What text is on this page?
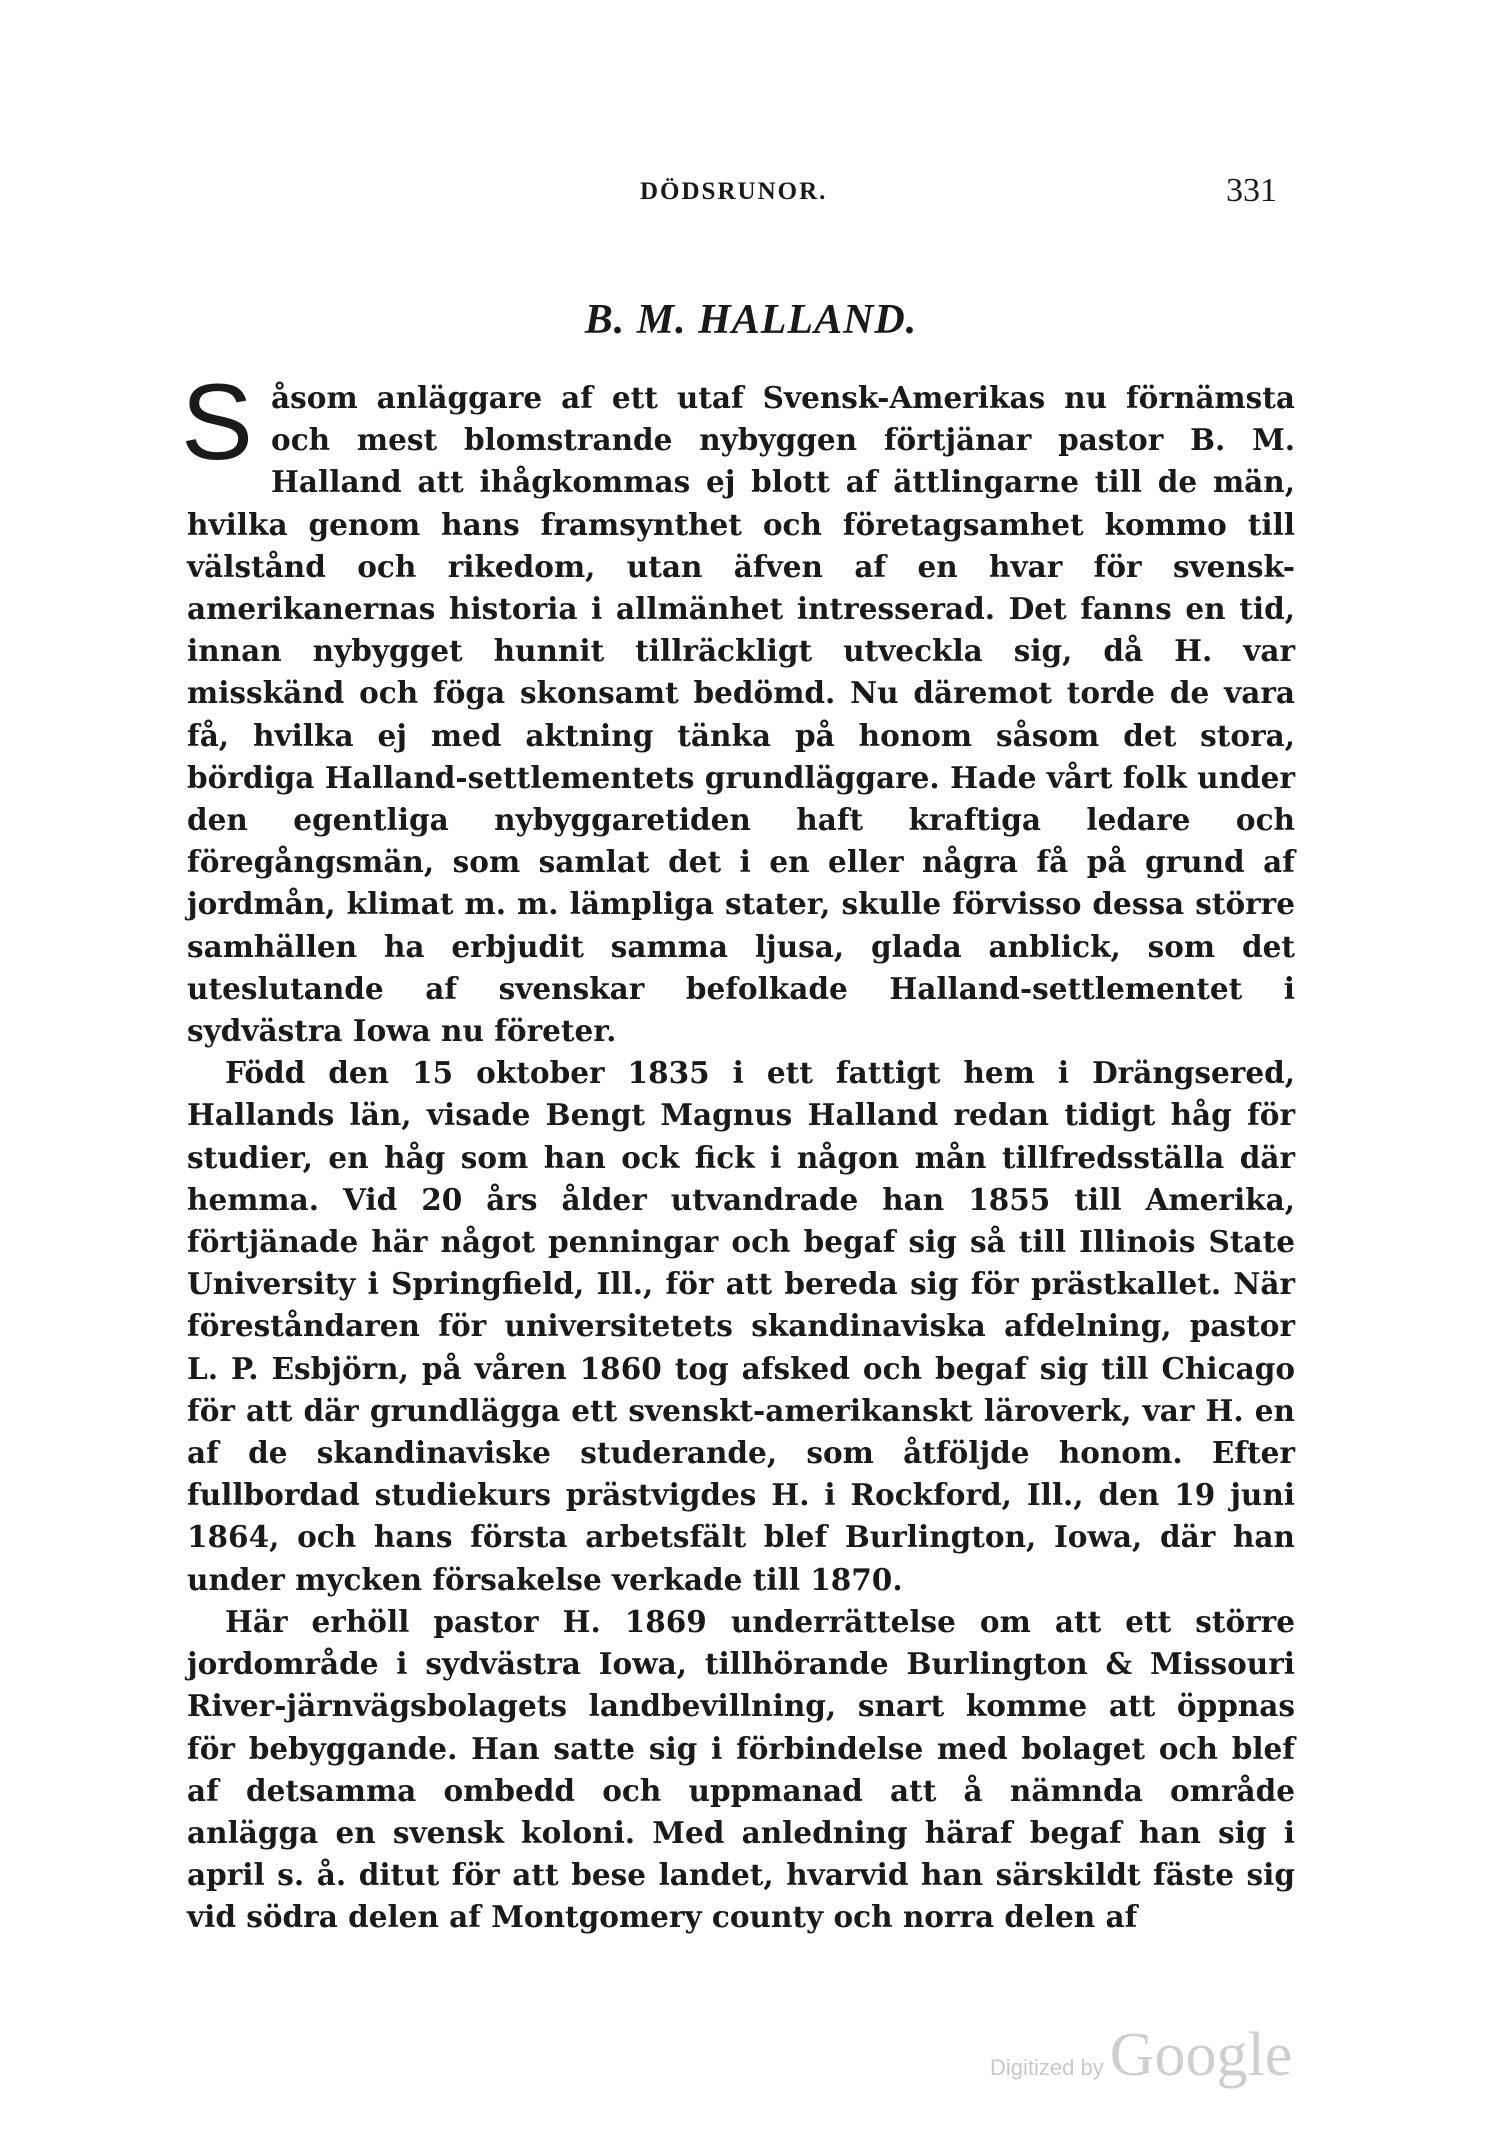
DÖDSRUNOR.	331
B. M. HALLAND.

S åsom anläggare af ett utaf Svensk-Amerikas nu förnämsta och mest blomstrande nybyggen förtjänar pastor B. M. Halland att ihågkommas ej blott af ättlingarne till de män, hvilka genom hans framsynthet och företagsamhet kommo till välstånd och rikedom, utan äfven af en hvar för svensk-amerikanernas historia i allmänhet intresserad. Det fanns en tid, innan nybygget hunnit tillräckligt utveckla sig, då H. var misskänd och föga skonsamt bedömd. Nu däremot torde de vara få, hvilka ej med aktning tänka på honom såsom det stora, bördiga Halland-settlementets grundläggare. Hade vårt folk under den egentliga nybyggaretiden haft kraftiga ledare och föregångsmän, som samlat det i en eller några få på grund af jordmån, klimat m. m. lämpliga stater, skulle förvisso dessa större samhällen ha erbjudit samma ljusa, glada anblick, som det uteslutande af svenskar befolkade Halland-settlementet i sydvästra Iowa nu företer.

Född den 15 oktober 1835 i ett fattigt hem i Drängsered, Hallands län, visade Bengt Magnus Halland redan tidigt håg för studier, en håg som han ock fick i någon mån tillfredsställa där hemma. Vid 20 års ålder utvandrade han 1855 till Amerika, förtjänade här något penningar och begaf sig så till Illinois State University i Springfield, Ill., för att bereda sig för prästkallet. När föreståndaren för universitetets skandinaviska afdelning, pastor L. P. Esbjörn, på våren 1860 tog afsked och begaf sig till Chicago för att där grundlägga ett svenskt-amerikanskt läroverk, var H. en af de skandinaviske studerande, som åtföljde honom. Efter fullbordad studiekurs prästvigdes H. i Rockford, Ill., den 19 juni 1864, och hans första arbetsfält blef Burlington, Iowa, där han under mycken försakelse verkade till 1870.

Här erhöll pastor H. 1869 underrättelse om att ett större jordområde i sydvästra Iowa, tillhörande Burlington & Missouri River-järnvägsbolagets landbevillning, snart komme att öppnas för bebyggande. Han satte sig i förbindelse med bolaget och blef af detsamma ombedd och uppmanad att å nämnda område anlägga en svensk koloni. Med anledning häraf begaf han sig i april s. å. ditut för att bese landet, hvarvid han särskildt fäste sig vid södra delen af Montgomery county och norra delen af

Digitized by Google
